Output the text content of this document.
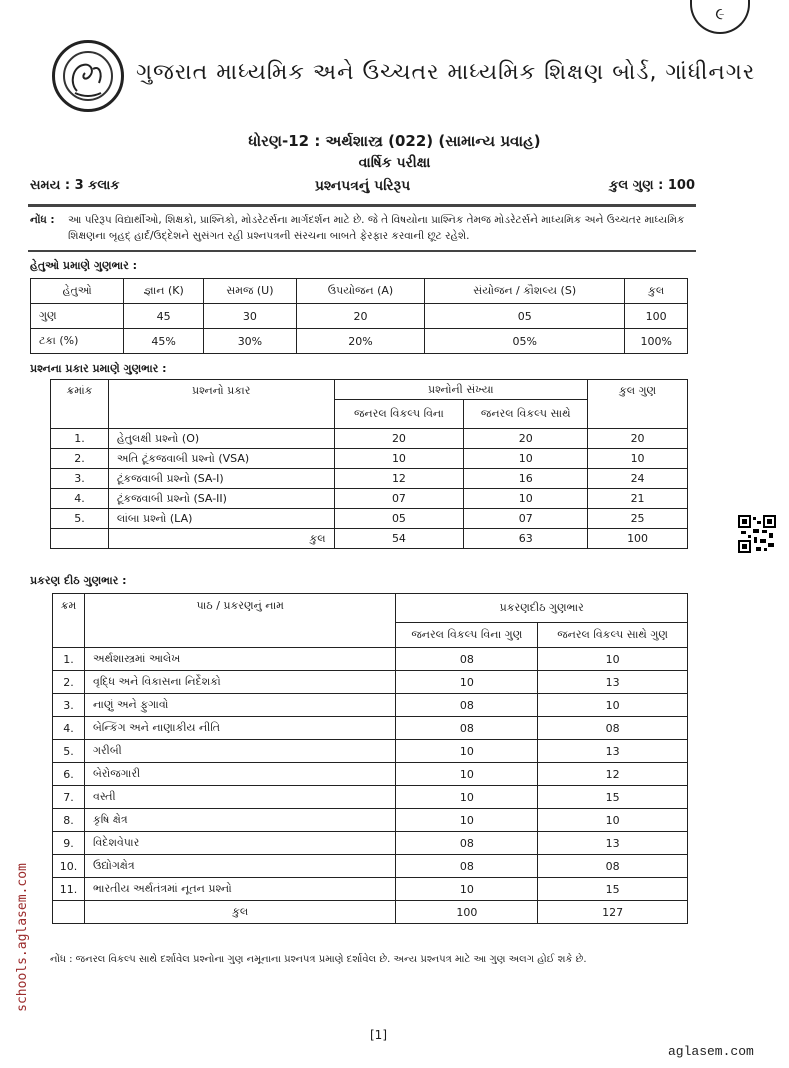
ગુજરાત માધ્યમિક અને ઉચ્ચતર માધ્યમિક શિક્ષણ બોર્ડ, ગાંધીનગર
૯
ધોરણ-12 : અર્થશાસ્ત્ર (022) (સામાન્ય પ્રવાહ)
વાર્ષિક પરીક્ષા
સમય : 3 કલાક	પ્રશ્નપત્રનું પરિરૂપ	કુલ ગુણ : 100
નોંધ : આ પરિરૂપ વિદ્યાર્થીઓ, શિક્ષકો, પ્રાશ્નિકો, મોડરેટર્સના માર્ગદર્શન માટે છે. જે તે વિષયોના પ્રાશ્નિક તેમજ મોડરેટર્સને માધ્યમિક અને ઉચ્ચતર માધ્યમિક શિક્ષણના બૃહદ્ હાર્દ/ઉદ્દેશને સુસંગત રહી પ્રશ્નપત્રની સંરચના બાબતે ફેરફાર કરવાની છૂટ રહેશે.
હેતુઓ પ્રમાણે ગુણભાર :
હેતુઓ	જ્ઞાન (K)	સમજ (U)	ઉપયોજન (A)	સંયોજન / કૌશલ્ય (S)	કુલ
ગુણ	45	30	20	05	100
ટકા (%)	45%	30%	20%	05%	100%
પ્રશ્નના પ્રકાર પ્રમાણે ગુણભાર :
ક્રમાંક	પ્રશ્નનો પ્રકાર	પ્રશ્નોની સંખ્યા		કુલ ગુણ
		જનરલ વિકલ્પ વિના	જનરલ વિકલ્પ સાથે	
1.	હેતુલક્ષી પ્રશ્નો (O)	20	20	20
2.	અતિ ટૂંકજવાબી પ્રશ્નો (VSA)	10	10	10
3.	ટૂંકજવાબી પ્રશ્નો (SA-I)	12	16	24
4.	ટૂંકજવાબી પ્રશ્નો (SA-II)	07	10	21
5.	લાંબા પ્રશ્નો (LA)	05	07	25
	કુલ	54	63	100
પ્રકરણ દીઠ ગુણભાર :
ક્રમ	પાઠ / પ્રકરણનું નામ	પ્રકરણદીઠ ગુણભાર	
		જનરલ વિકલ્પ વિના ગુણ	જનરલ વિકલ્પ સાથે ગુણ
1.	અર્થશાસ્ત્રમાં આલેખ	08	10
2.	વૃદ્ધિ અને વિકાસના નિર્દેશકો	10	13
3.	નાણું અને ફુગાવો	08	10
4.	બેન્કિંગ અને નાણાકીય નીતિ	08	08
5.	ગરીબી	10	13
6.	બેરોજગારી	10	12
7.	વસ્તી	10	15
8.	કૃષિ ક્ષેત્ર	10	10
9.	વિદેશવેપાર	08	13
10.	ઉદ્યોગક્ષેત્ર	08	08
11.	ભારતીય અર્થતંત્રમાં નૂતન પ્રશ્નો	10	15
	કુલ	100	127
નોંધ : જનરલ વિકલ્પ સાથે દર્શાવેલ પ્રશ્નોના ગુણ નમૂનાના પ્રશ્નપત્ર પ્રમાણે દર્શાવેલ છે. અન્ય પ્રશ્નપત્ર માટે આ ગુણ અલગ હોઈ શકે છે.
[1]
schools.aglasem.com
aglasem.com
